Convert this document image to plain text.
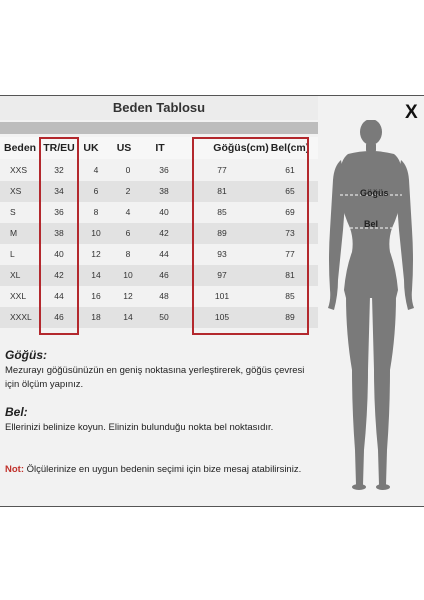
Beden Tablosu	X
Beden TR/EU UK	US	IT	Göğüs(cm) Bel(cm)
XXS	32	4	0	36	77	61
XS	34	6	2	38	81	65
S	36	8	4	40	85	69
M	38	10	6	42	89	73
L	40	12	8	44	93	77
XL	42	14	10	46	97	81
XXL	44	16	12	48	101	85
XXXL	46	18	14	50	105	89
Göğüs:
Mezurayı göğüsünüzün en geniş noktasına yerleştirerek, göğüs çevresi için ölçüm yapınız.
Bel:
Ellerinizi belinize koyun. Elinizin bulunduğu nokta bel noktasıdır.
Not: Ölçülerinize en uygun bedenin seçimi için bize mesaj atabilirsiniz.
Göğüs
Bel
